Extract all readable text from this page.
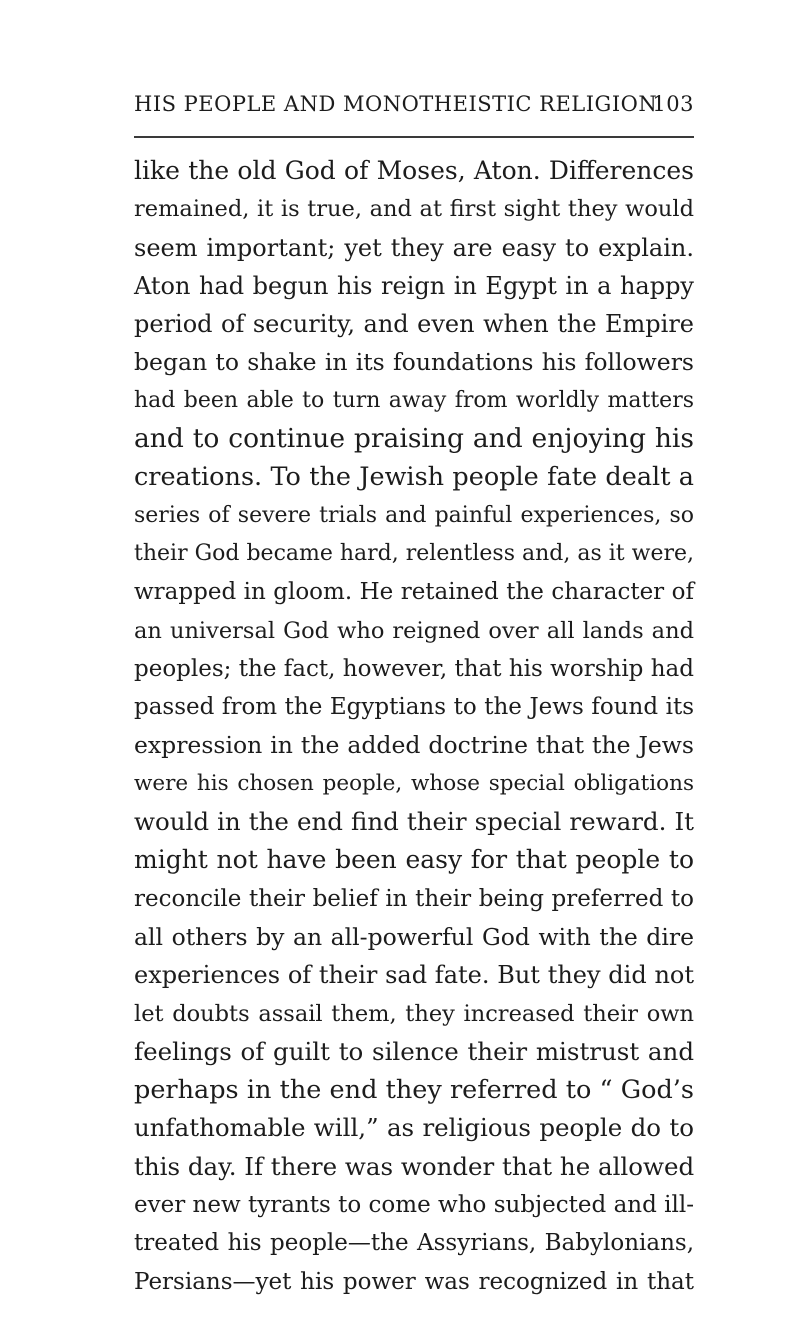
HIS PEOPLE AND MONOTHEISTIC RELIGION
103
like the old God of Moses, Aton. Differences
remained, it is true, and at first sight they would
seem important; yet they are easy to explain.
Aton had begun his reign in Egypt in a happy
period of security, and even when the Empire
began to shake in its foundations his followers
had been able to turn away from worldly matters
and to continue praising and enjoying his
creations. To the Jewish people fate dealt a
series of severe trials and painful experiences, so
their God became hard, relentless and, as it were,
wrapped in gloom. He retained the character of
an universal God who reigned over all lands and
peoples; the fact, however, that his worship had
passed from the Egyptians to the Jews found its
expression in the added doctrine that the Jews
were his chosen people, whose special obligations
would in the end find their special reward. It
might not have been easy for that people to
reconcile their belief in their being preferred to
all others by an all-powerful God with the dire
experiences of their sad fate. But they did not
let doubts assail them, they increased their own
feelings of guilt to silence their mistrust and
perhaps in the end they referred to “ God’s
unfathomable will,” as religious people do to
this day. If there was wonder that he allowed
ever new tyrants to come who subjected and ill-
treated his people—the Assyrians, Babylonians,
Persians—yet his power was recognized in that
